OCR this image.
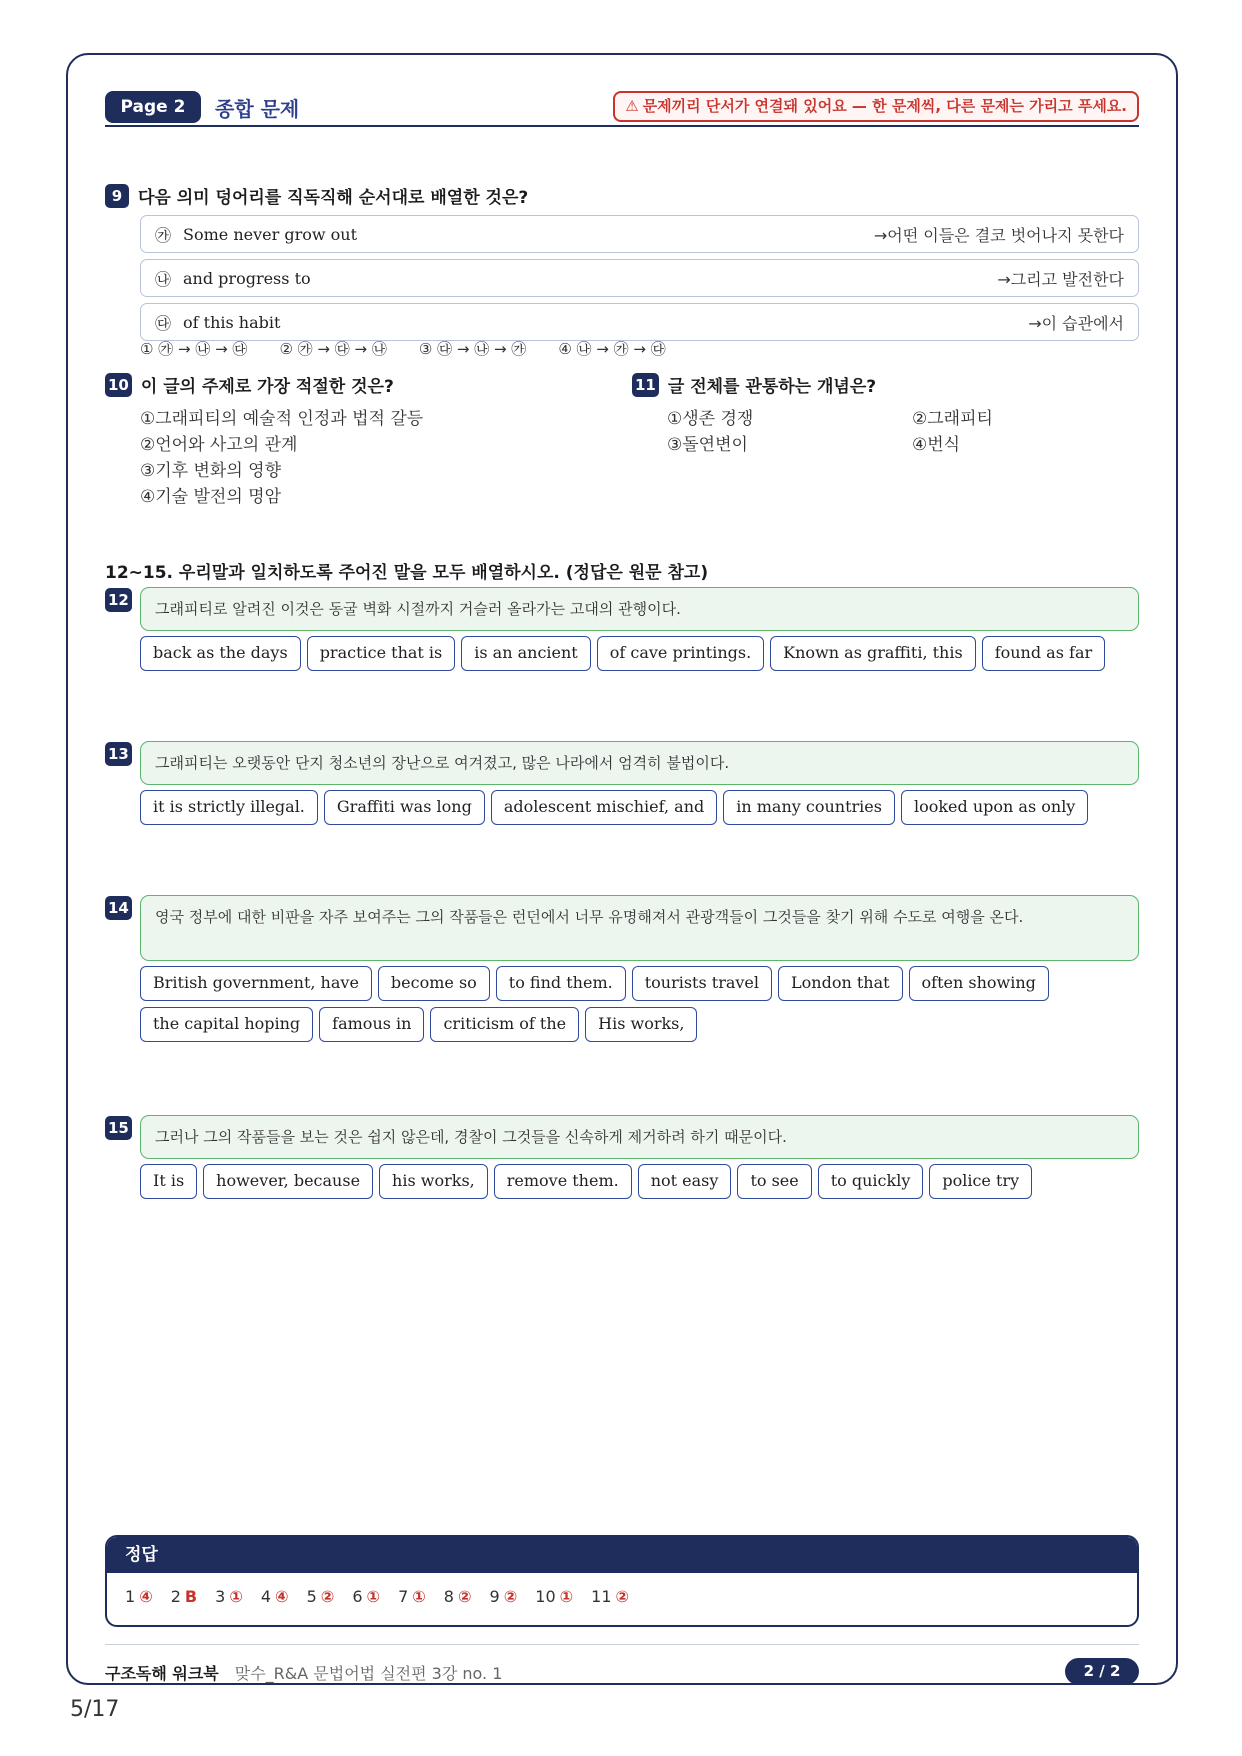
Page 2	종합 문제	⚠ 문제끼리 단서가 연결돼 있어요 — 한 문제씩, 다른 문제는 가리고 푸세요.
9 다음 의미 덩어리를 직독직해 순서대로 배열한 것은?
㉮ Some never grow out	→어떤 이들은 결코 벗어나지 못한다
㉯ and progress to	→그리고 발전한다
㉰ of this habit	→이 습관에서
① ㉮ → ㉯ → ㉰ ② ㉮ → ㉰ → ㉯ ③ ㉰ → ㉯ → ㉮ ④ ㉯ → ㉮ → ㉰
10 이 글의 주제로 가장 적절한 것은?
①그래피티의 예술적 인정과 법적 갈등
②언어와 사고의 관계
③기후 변화의 영향
④기술 발전의 명암
11 글 전체를 관통하는 개념은?
①생존 경쟁	②그래피티
③돌연변이	④번식
12~15. 우리말과 일치하도록 주어진 말을 모두 배열하시오. (정답은 원문 참고)
12	그래피티로 알려진 이것은 동굴 벽화 시절까지 거슬러 올라가는 고대의 관행이다.
back as the days	practice that is	is an ancient	of cave printings.	Known as graffiti, this	found as far
13	그래피티는 오랫동안 단지 청소년의 장난으로 여겨졌고, 많은 나라에서 엄격히 불법이다.
it is strictly illegal.	Graffiti was long	adolescent mischief, and	in many countries	looked upon as only
14	영국 정부에 대한 비판을 자주 보여주는 그의 작품들은 런던에서 너무 유명해져서 관광객들이 그것들을 찾기 위해 수도로 여행을 온다.
British government, have	become so	to find them.	tourists travel	London that	often showing
the capital hoping	famous in	criticism of the	His works,
15	그러나 그의 작품들을 보는 것은 쉽지 않은데, 경찰이 그것들을 신속하게 제거하려 하기 때문이다.
It is	however, because	his works,	remove them.	not easy	to see	to quickly	police try
정답
1 ④ 2 B 3 ① 4 ④ 5 ② 6 ① 7 ① 8 ② 9 ② 10 ① 11 ②
구조독해 워크북 맞수_R&A 문법어법 실전편 3강 no. 1	2 / 2
5/17
